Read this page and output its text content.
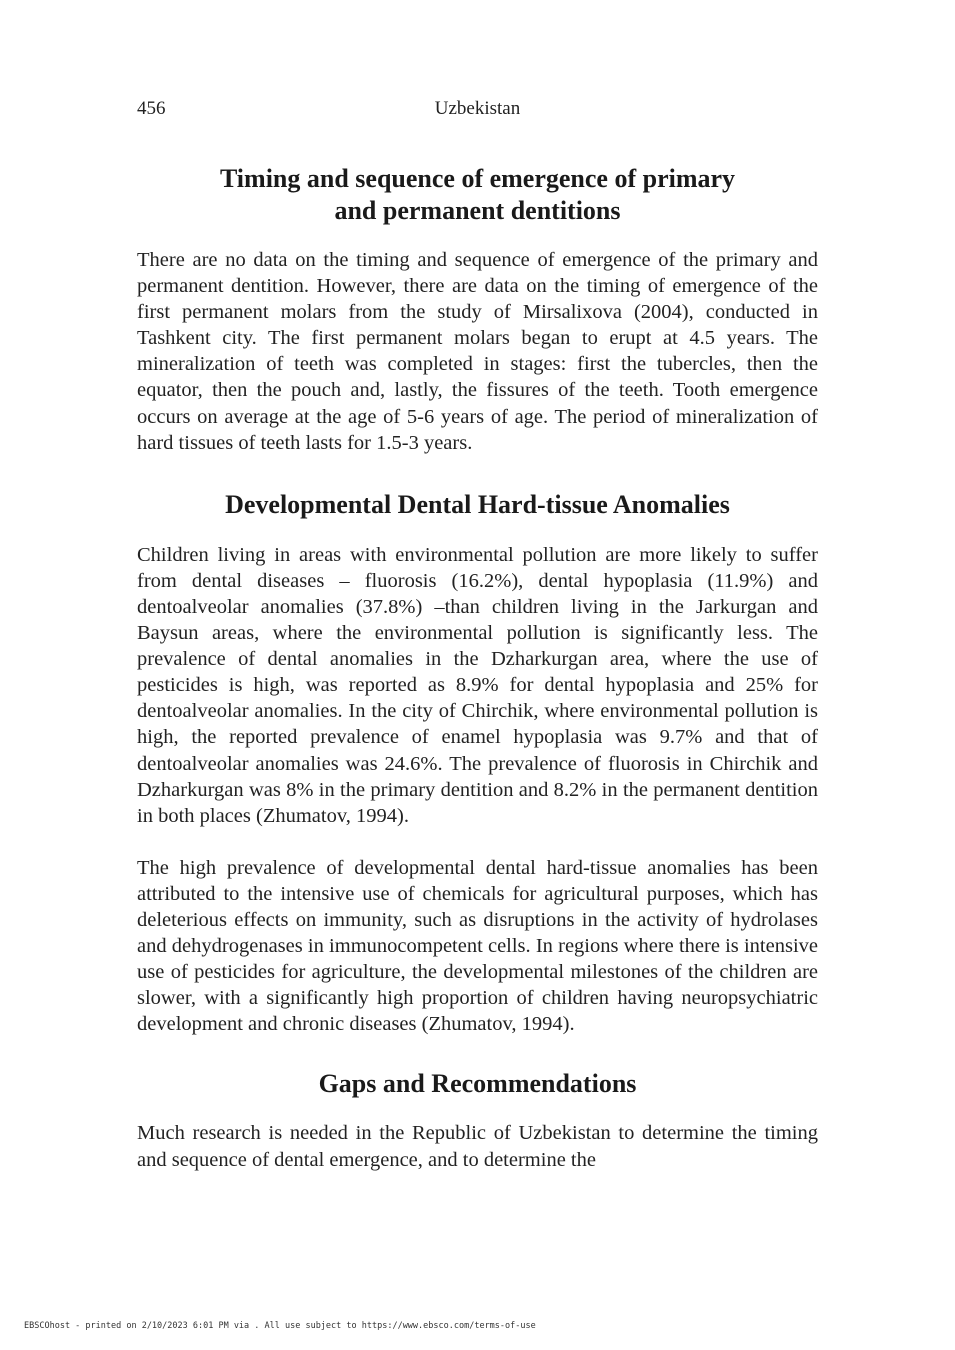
456	Uzbekistan
Timing and sequence of emergence of primary
and permanent dentitions

There are no data on the timing and sequence of emergence of the primary and permanent dentition. However, there are data on the timing of emergence of the first permanent molars from the study of Mirsalixova (2004), conducted in Tashkent city. The first permanent molars began to erupt at 4.5 years. The mineralization of teeth was completed in stages: first the tubercles, then the equator, then the pouch and, lastly, the fissures of the teeth. Tooth emergence occurs on average at the age of 5-6 years of age. The period of mineralization of hard tissues of teeth lasts for 1.5-3 years.

Developmental Dental Hard-tissue Anomalies

Children living in areas with environmental pollution are more likely to suffer from dental diseases – fluorosis (16.2%), dental hypoplasia (11.9%) and dentoalveolar anomalies (37.8%) –than children living in the Jarkurgan and Baysun areas, where the environmental pollution is significantly less. The prevalence of dental anomalies in the Dzharkurgan area, where the use of pesticides is high, was reported as 8.9% for dental hypoplasia and 25% for dentoalveolar anomalies. In the city of Chirchik, where environmental pollution is high, the reported prevalence of enamel hypoplasia was 9.7% and that of dentoalveolar anomalies was 24.6%. The prevalence of fluorosis in Chirchik and Dzharkurgan was 8% in the primary dentition and 8.2% in the permanent dentition in both places (Zhumatov, 1994).

The high prevalence of developmental dental hard-tissue anomalies has been attributed to the intensive use of chemicals for agricultural purposes, which has deleterious effects on immunity, such as disruptions in the activity of hydrolases and dehydrogenases in immunocompetent cells. In regions where there is intensive use of pesticides for agriculture, the developmental milestones of the children are slower, with a significantly high proportion of children having neuropsychiatric development and chronic diseases (Zhumatov, 1994).

Gaps and Recommendations

Much research is needed in the Republic of Uzbekistan to determine the timing and sequence of dental emergence, and to determine the

EBSCOhost - printed on 2/10/2023 6:01 PM via . All use subject to https://www.ebsco.com/terms-of-use
